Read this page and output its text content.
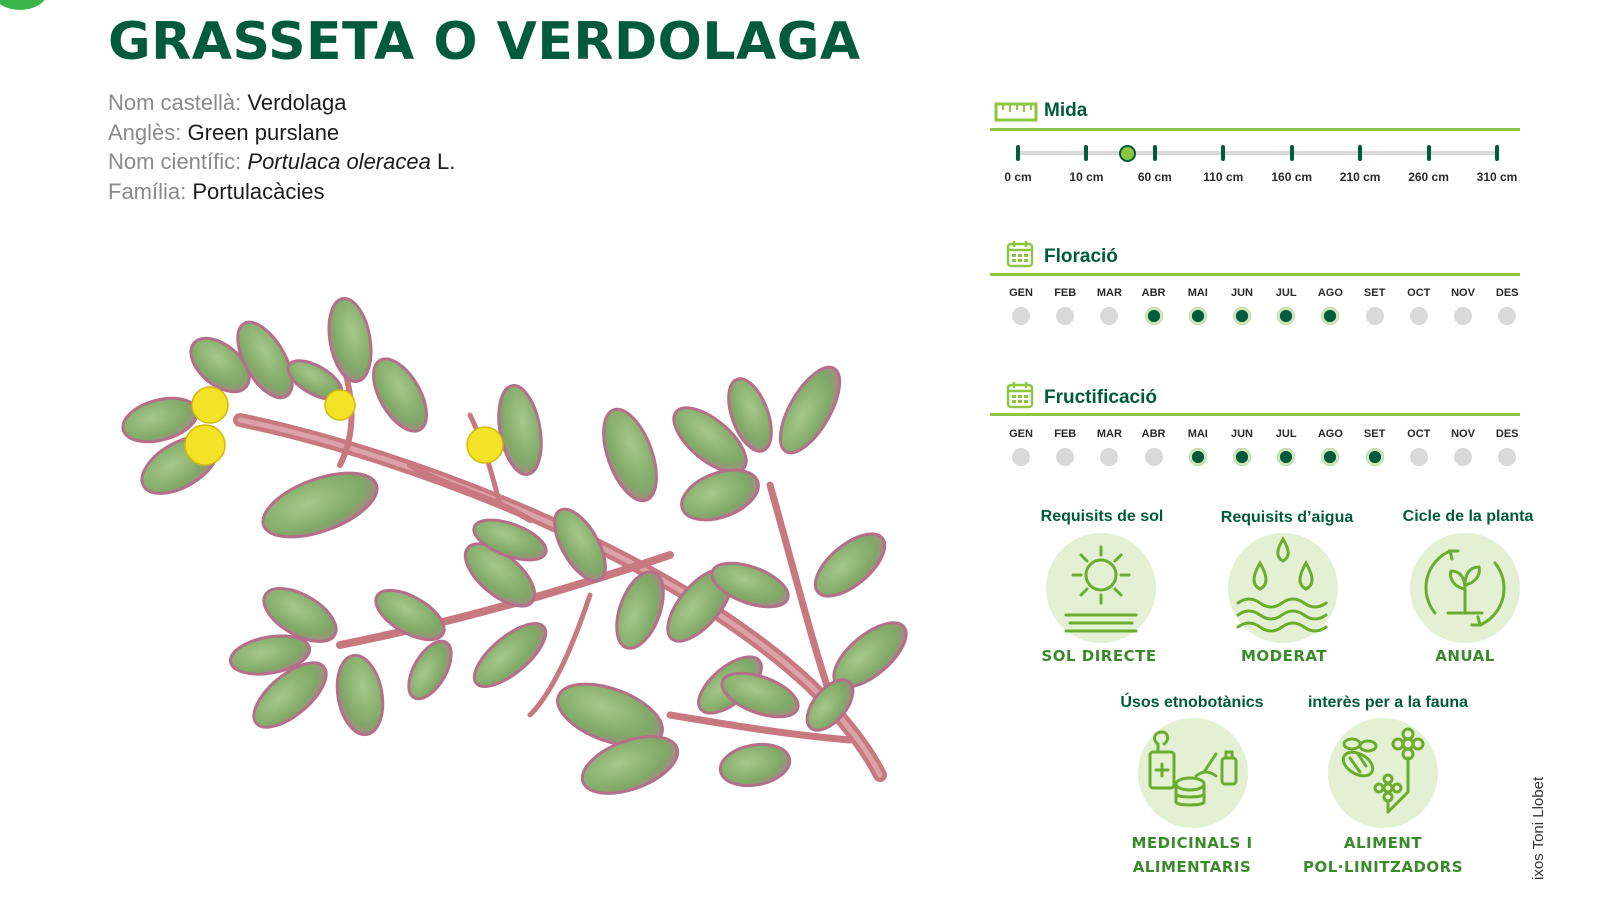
GRASSETA O VERDOLAGA
Nom castellà: Verdolaga
Anglès: Green purslane
Nom científic: Portulaca oleracea L.
Família: Portulacàcies
Mida
0 cm	10 cm	60 cm	110 cm	160 cm	210 cm	260 cm	310 cm
Floració
GEN	FEB	MAR	ABR	MAI	JUN	JUL	AGO	SET	OCT	NOV	DES
Fructificació
GEN	FEB	MAR	ABR	MAI	JUN	JUL	AGO	SET	OCT	NOV	DES
Requisits de sol
SOL DIRECTE
Requisits d’aigua
MODERAT
Cicle de la planta
ANUAL
Úsos etnobotànics
MEDICINALS I
ALIMENTARIS
interès per a la fauna
ALIMENT
POL·LINITZADORS	ixos Toni Llobet
